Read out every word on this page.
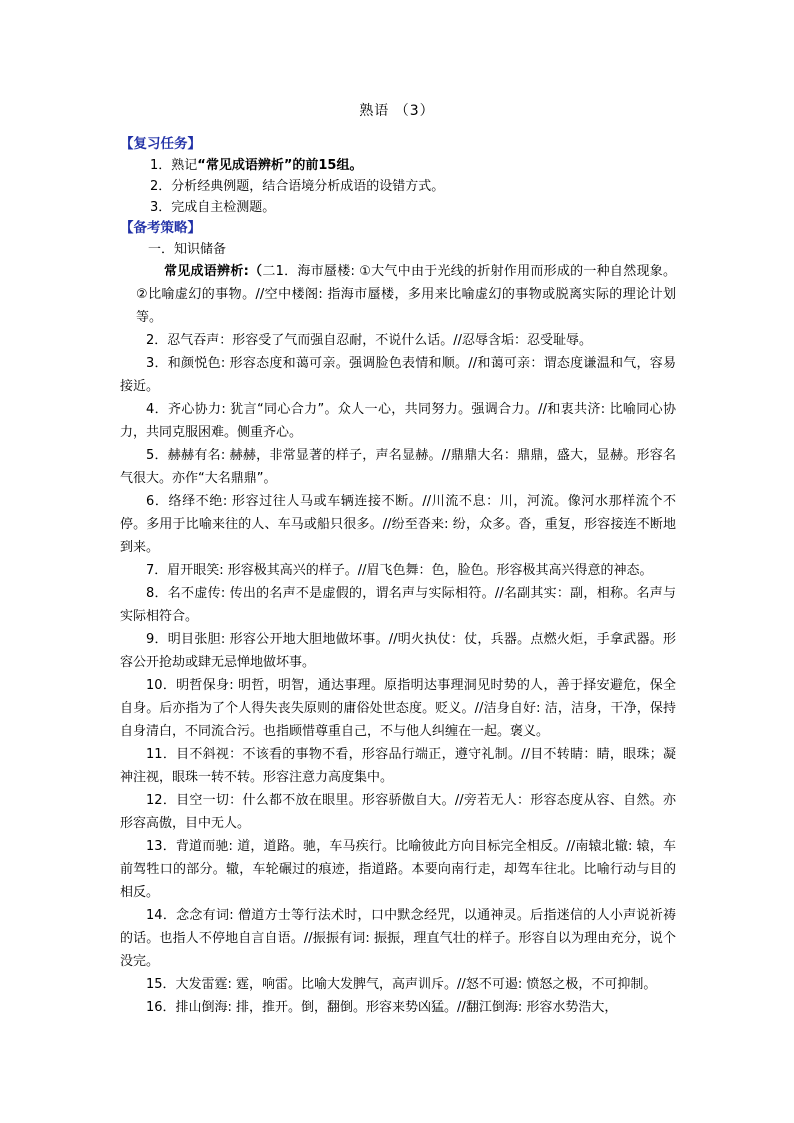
熟语 （3）
【复习任务】
1．熟记“常见成语辨析”的前15组。
2．分析经典例题，结合语境分析成语的设错方式。
3．完成自主检测题。
【备考策略】
一．知识储备

常见成语辨析:（二1．海市蜃楼: ①大气中由于光线的折射作用而形成的一种自然现象。②比喻虚幻的事物。//空中楼阁: 指海市蜃楼，多用来比喻虚幻的事物或脱离实际的理论计划等。

2．忍气吞声：形容受了气而强自忍耐，不说什么话。//忍辱含垢：忍受耻辱。

3．和颜悦色: 形容态度和蔼可亲。强调脸色表情和顺。//和蔼可亲：谓态度谦温和气，容易接近。

4．齐心协力: 犹言“同心合力”。众人一心，共同努力。强调合力。//和衷共济: 比喻同心协力，共同克服困难。侧重齐心。

5．赫赫有名: 赫赫，非常显著的样子，声名显赫。//鼎鼎大名：鼎鼎，盛大，显赫。形容名气很大。亦作“大名鼎鼎”。

6．络绎不绝: 形容过往人马或车辆连接不断。//川流不息：川，河流。像河水那样流个不停。多用于比喻来往的人、车马或船只很多。//纷至沓来: 纷，众多。沓，重复，形容接连不断地到来。

7．眉开眼笑: 形容极其高兴的样子。//眉飞色舞：色，脸色。形容极其高兴得意的神态。

8．名不虚传: 传出的名声不是虚假的，谓名声与实际相符。//名副其实：副，相称。名声与实际相符合。

9．明目张胆: 形容公开地大胆地做坏事。//明火执仗：仗，兵器。点燃火炬，手拿武器。形容公开抢劫或肆无忌惮地做坏事。

10．明哲保身: 明哲，明智，通达事理。原指明达事理洞见时势的人，善于择安避危，保全自身。后亦指为了个人得失丧失原则的庸俗处世态度。贬义。//洁身自好: 洁，洁身，干净，保持自身清白，不同流合污。也指顾惜尊重自己，不与他人纠缠在一起。褒义。

11．目不斜视：不该看的事物不看，形容品行端正，遵守礼制。//目不转睛：睛，眼珠；凝神注视，眼珠一转不转。形容注意力高度集中。

12．目空一切：什么都不放在眼里。形容骄傲自大。//旁若无人：形容态度从容、自然。亦形容高傲，目中无人。

13．背道而驰: 道，道路。驰，车马疾行。比喻彼此方向目标完全相反。//南辕北辙: 辕，车前驾牲口的部分。辙，车轮碾过的痕迹，指道路。本要向南行走，却驾车往北。比喻行动与目的相反。

14．念念有词: 僧道方士等行法术时，口中默念经咒，以通神灵。后指迷信的人小声说祈祷的话。也指人不停地自言自语。//振振有词: 振振，理直气壮的样子。形容自以为理由充分，说个没完。

15．大发雷霆: 霆，响雷。比喻大发脾气，高声训斥。//怒不可遏: 愤怒之极，不可抑制。

16．排山倒海: 排，推开。倒，翻倒。形容来势凶猛。//翻江倒海: 形容水势浩大，
